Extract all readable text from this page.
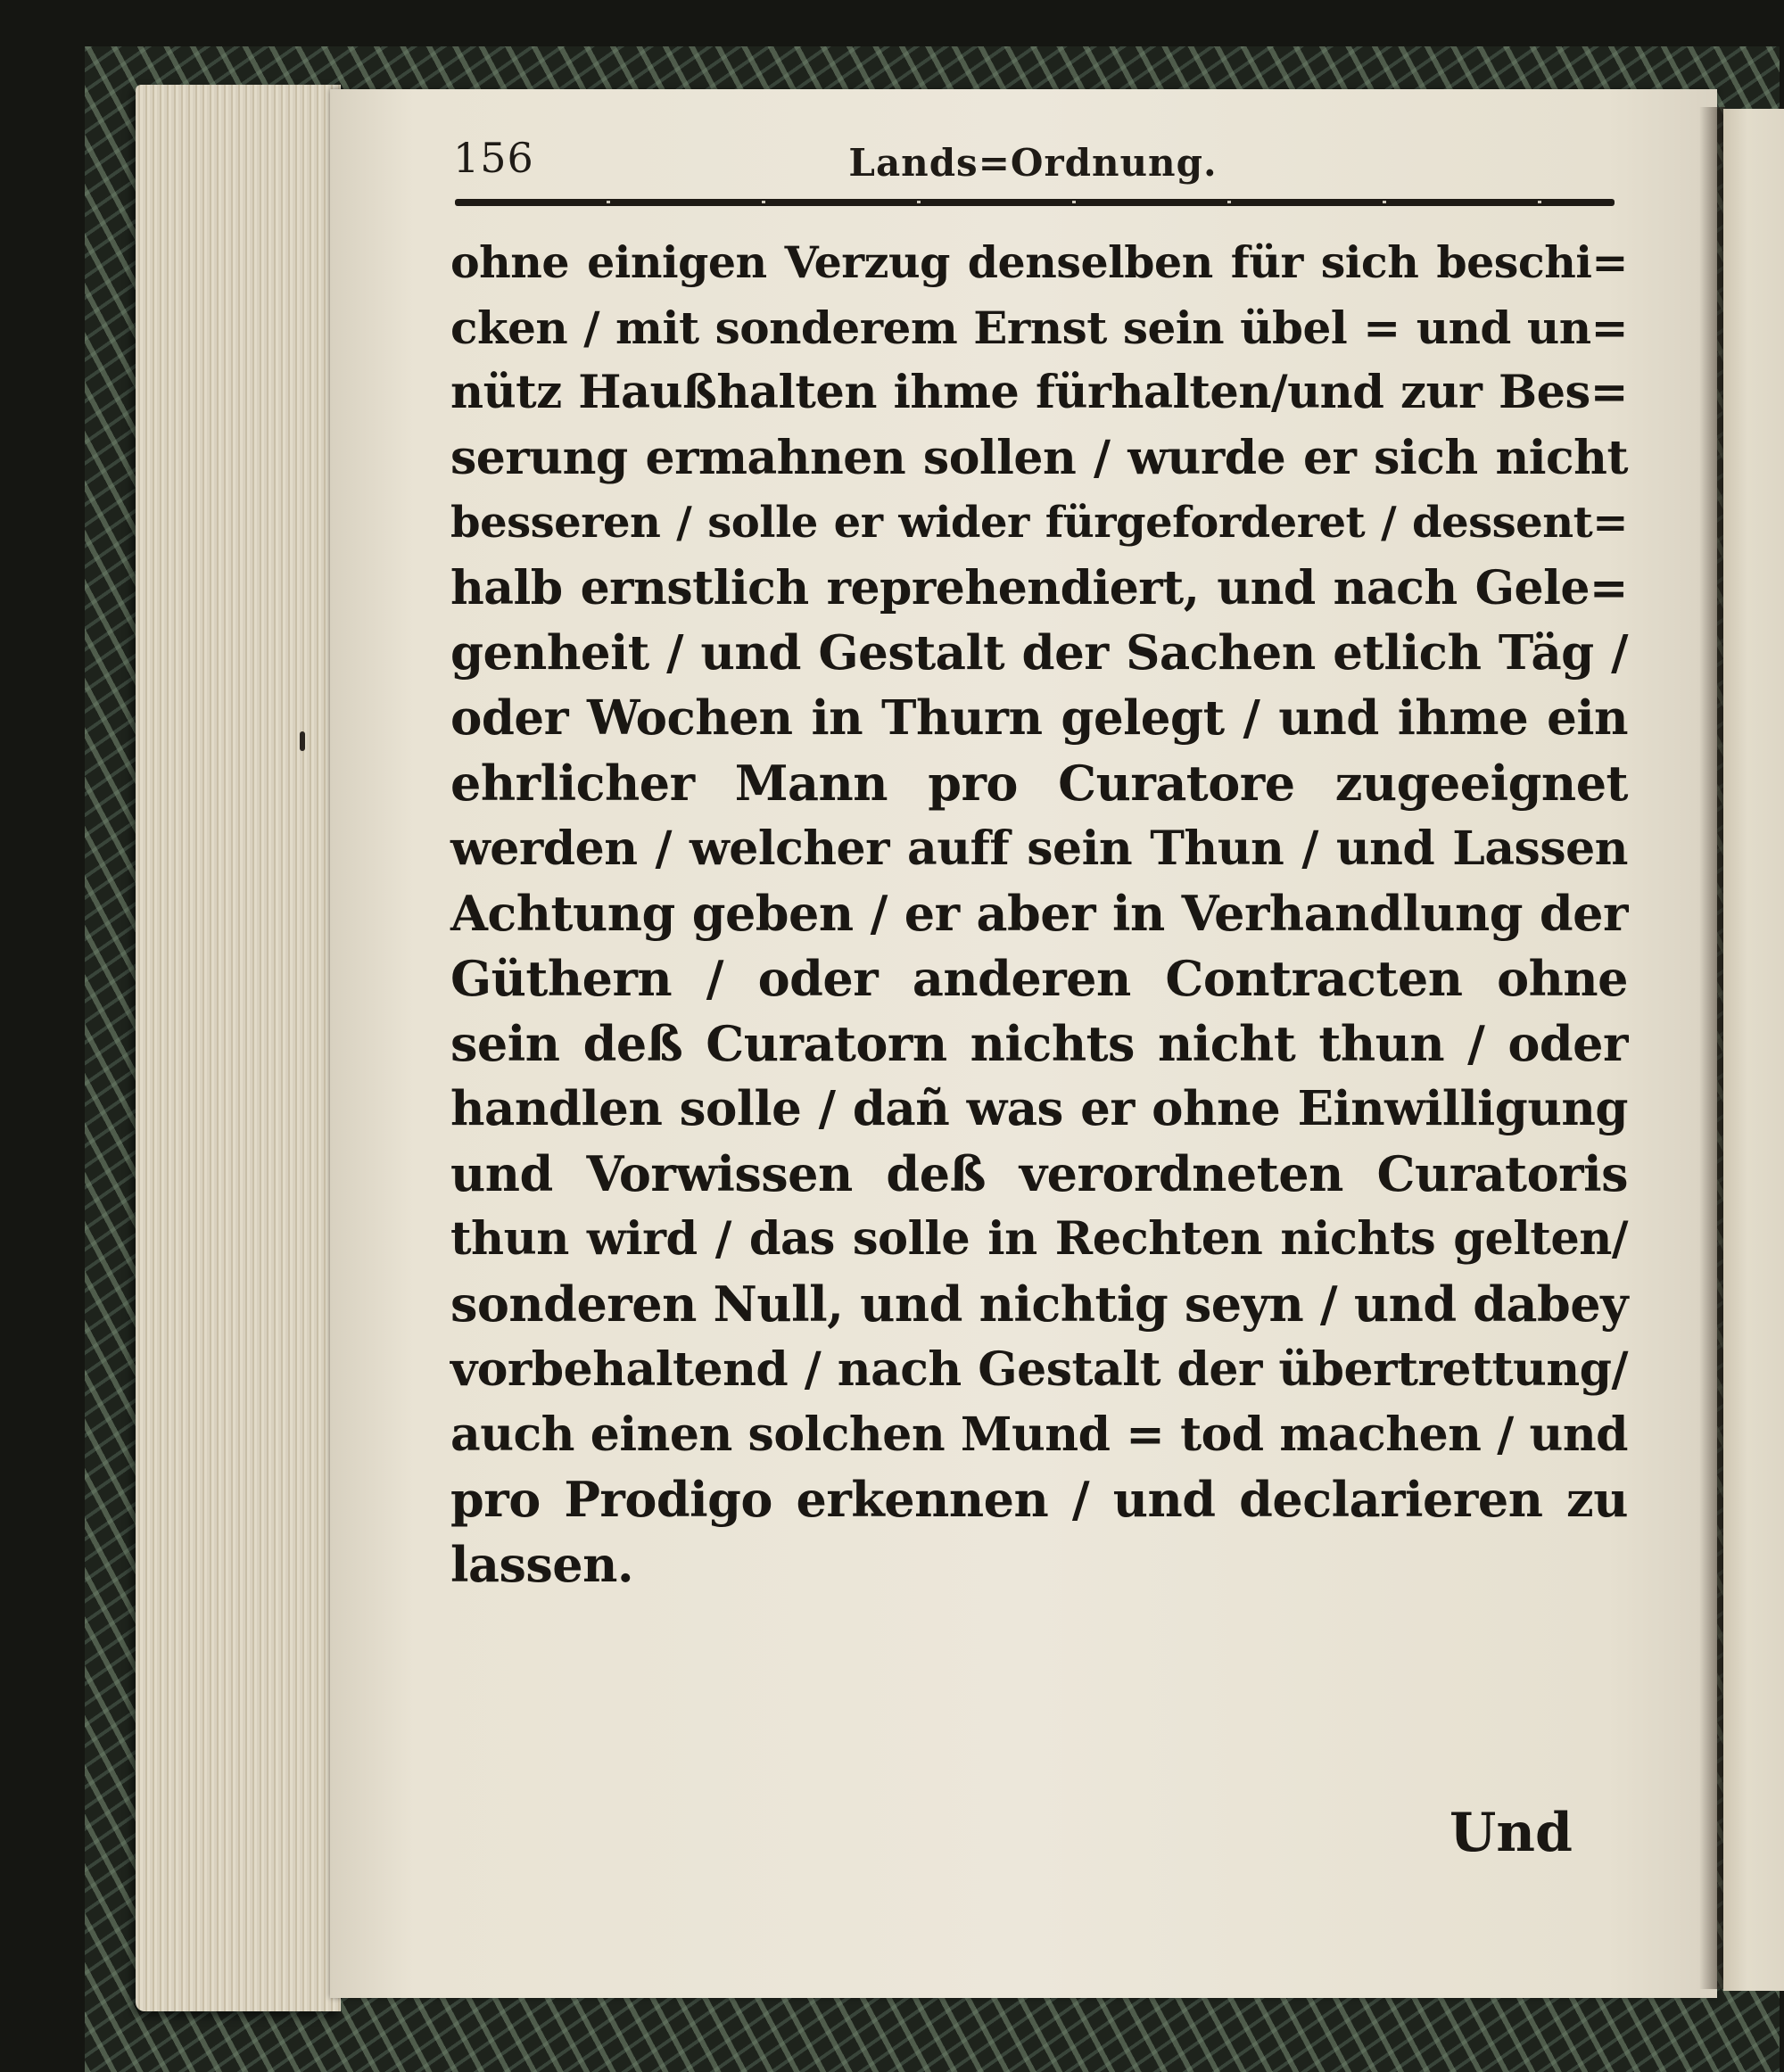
156	Lands=Ordnung.
ohne einigen Verzug denselben für sich beschi=
cken / mit sonderem Ernst sein übel = und un=
nütz Haußhalten ihme fürhalten/und zur Bes=
serung ermahnen sollen / wurde er sich nicht
besseren / solle er wider fürgeforderet / dessent=
halb ernstlich reprehendiert, und nach Gele=
genheit / und Gestalt der Sachen etlich Täg /
oder Wochen in Thurn gelegt / und ihme ein
ehrlicher Mann pro Curatore zugeeignet
werden / welcher auff sein Thun / und Lassen
Achtung geben / er aber in Verhandlung der
Güthern / oder anderen Contracten ohne
sein deß Curatorn nichts nicht thun / oder
handlen solle / dañ was er ohne Einwilligung
und Vorwissen deß verordneten Curatoris
thun wird / das solle in Rechten nichts gelten/
sonderen Null, und nichtig seyn / und dabey
vorbehaltend / nach Gestalt der übertrettung/
auch einen solchen Mund = tod machen / und
pro Prodigo erkennen / und declarieren zu
lassen.
Und
